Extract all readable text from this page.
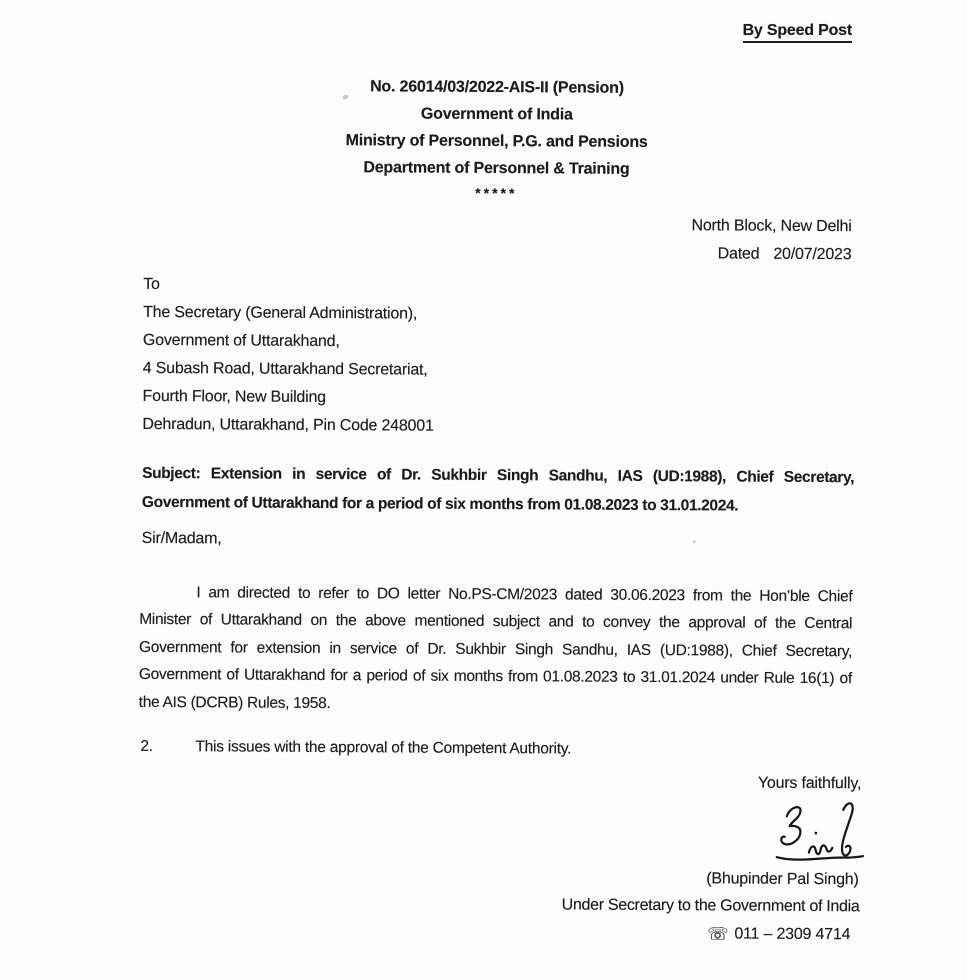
By Speed Post
No. 26014/03/2022-AIS-II (Pension)
Government of India
Ministry of Personnel, P.G. and Pensions
Department of Personnel & Training
*****
North Block, New Delhi
Dated 20/07/2023
To
The Secretary (General Administration),
Government of Uttarakhand,
4 Subash Road, Uttarakhand Secretariat,
Fourth Floor, New Building
Dehradun, Uttarakhand, Pin Code 248001
Subject: Extension in service of Dr. Sukhbir Singh Sandhu, IAS (UD:1988), Chief Secretary, Government of Uttarakhand for a period of six months from 01.08.2023 to 31.01.2024.
Sir/Madam,
I am directed to refer to DO letter No.PS-CM/2023 dated 30.06.2023 from the Hon’ble Chief Minister of Uttarakhand on the above mentioned subject and to convey the approval of the Central Government for extension in service of Dr. Sukhbir Singh Sandhu, IAS (UD:1988), Chief Secretary, Government of Uttarakhand for a period of six months from 01.08.2023 to 31.01.2024 under Rule 16(1) of the AIS (DCRB) Rules, 1958.
2.	This issues with the approval of the Competent Authority.
Yours faithfully,
(Bhupinder Pal Singh)
Under Secretary to the Government of India
☏ 011 – 2309 4714
